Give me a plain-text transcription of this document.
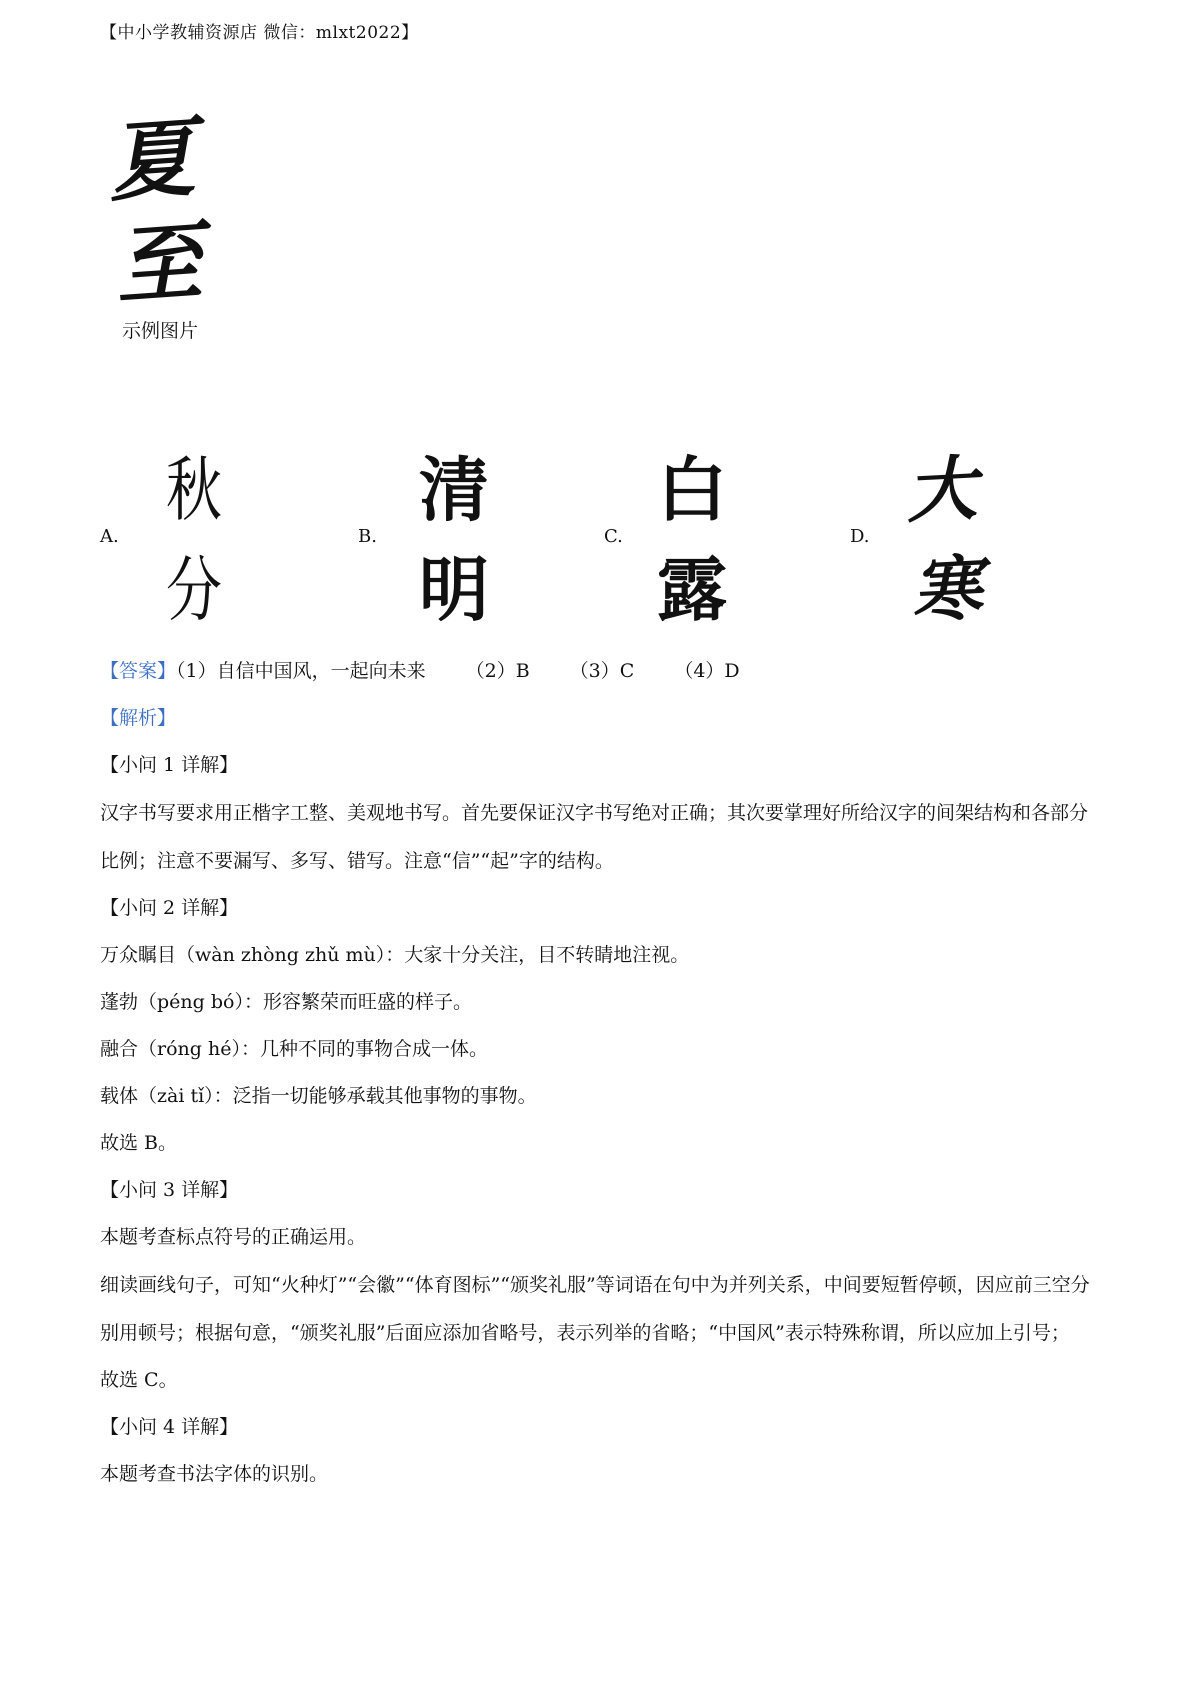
【中小学教辅资源店 微信：mlxt2022】
夏
至
示例图片
A.
秋
分
B.
清
明
C.
白
露
D.
大
寒

【答案】（1）自信中国风，一起向未来 （2）B （3）C （4）D

【解析】

【小问 1 详解】

汉字书写要求用正楷字工整、美观地书写。首先要保证汉字书写绝对正确；其次要掌理好所给汉字的间架结构和各部分比例；注意不要漏写、多写、错写。注意“信”“起”字的结构。

【小问 2 详解】

万众瞩目（wàn zhòng zhǔ mù）：大家十分关注，目不转睛地注视。

蓬勃（péng bó）：形容繁荣而旺盛的样子。

融合（róng hé）：几种不同的事物合成一体。

载体（zài tǐ）：泛指一切能够承载其他事物的事物。

故选 B。

【小问 3 详解】

本题考查标点符号的正确运用。

细读画线句子，可知“火种灯”“会徽”“体育图标”“颁奖礼服”等词语在句中为并列关系，中间要短暂停顿，因应前三空分别用顿号；根据句意，“颁奖礼服”后面应添加省略号，表示列举的省略；“中国风”表示特殊称谓，所以应加上引号；

故选 C。

【小问 4 详解】

本题考查书法字体的识别。
